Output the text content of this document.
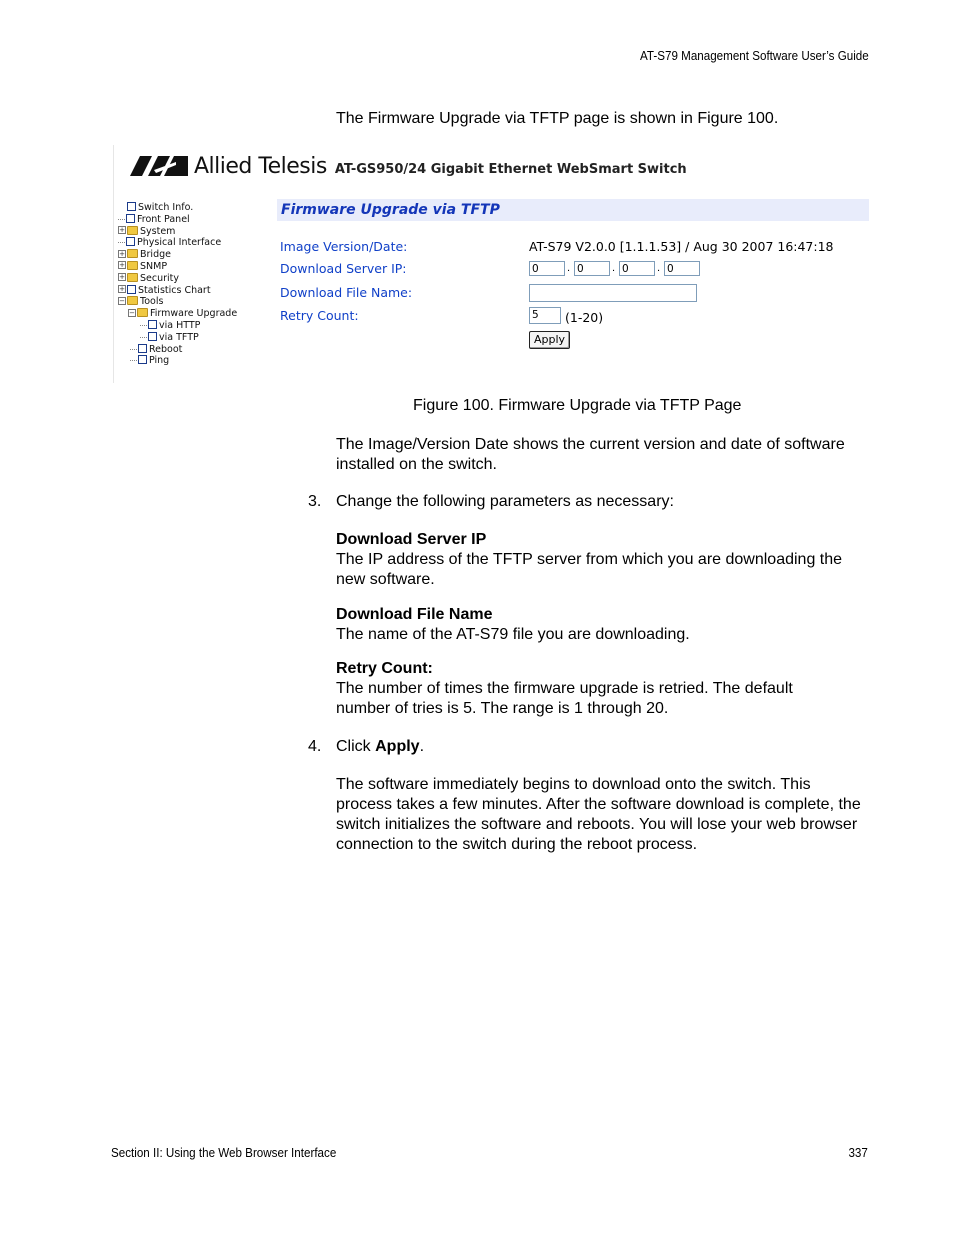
AT-S79 Management Software User’s Guide
The Firmware Upgrade via TFTP page is shown in Figure 100.
Allied Telesis AT-GS950/24 Gigabit Ethernet WebSmart Switch
Switch Info.
Front Panel
+ System
Physical Interface
+ Bridge
+ SNMP
+ Security
+ Statistics Chart
− Tools
− Firmware Upgrade
via HTTP
via TFTP
Reboot
Ping
Firmware Upgrade via TFTP
Image Version/Date:	AT-S79 V2.0.0 [1.1.1.53] / Aug 30 2007 16:47:18
Download Server IP:	0	. 0	. 0	. 0
Download File Name:
Retry Count:	5	(1-20)
Apply
Figure 100. Firmware Upgrade via TFTP Page
The Image/Version Date shows the current version and date of software installed on the switch.
3. Change the following parameters as necessary:
Download Server IP
The IP address of the TFTP server from which you are downloading the new software.
Download File Name
The name of the AT-S79 file you are downloading.
Retry Count:
The number of times the firmware upgrade is retried. The default number of tries is 5. The range is 1 through 20.
4. Click Apply.
The software immediately begins to download onto the switch. This process takes a few minutes. After the software download is complete, the switch initializes the software and reboots. You will lose your web browser connection to the switch during the reboot process.
Section II: Using the Web Browser Interface	337
